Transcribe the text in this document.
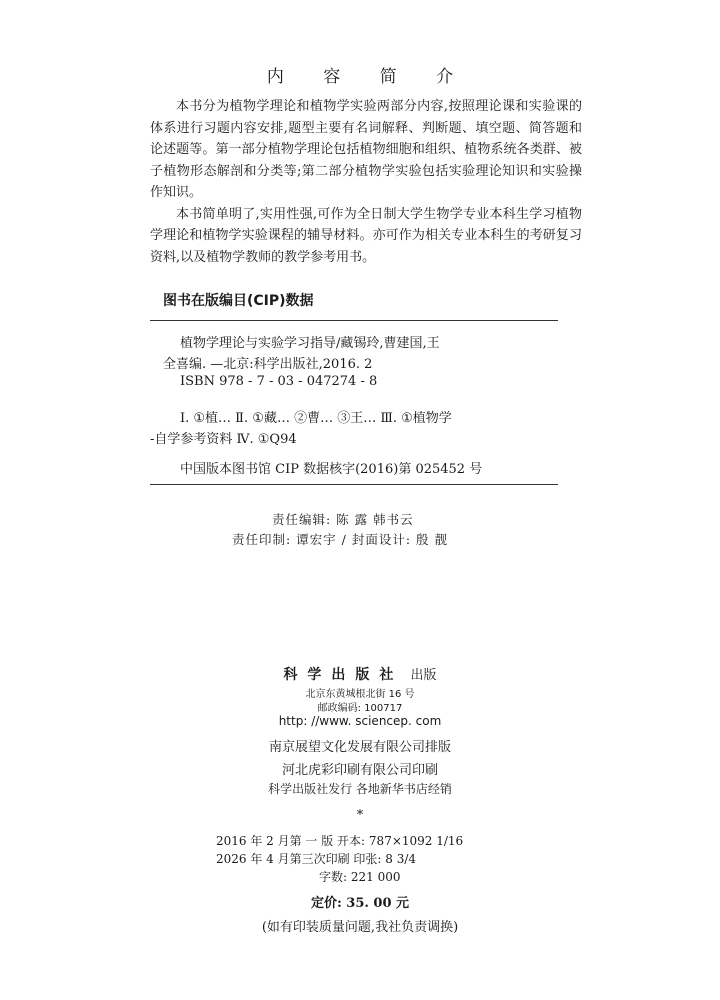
内 容 简 介

本书分为植物学理论和植物学实验两部分内容,按照理论课和实验课的体系进行习题内容安排,题型主要有名词解释、判断题、填空题、简答题和论述题等。第一部分植物学理论包括植物细胞和组织、植物系统各类群、被子植物形态解剖和分类等;第二部分植物学实验包括实验理论知识和实验操作知识。

本书简单明了,实用性强,可作为全日制大学生物学专业本科生学习植物学理论和植物学实验课程的辅导材料。亦可作为相关专业本科生的考研复习资料,以及植物学教师的教学参考用书。

图书在版编目(CIP)数据
植物学理论与实验学习指导/藏锡玲,曹建国,王
全喜编. —北京:科学出版社,2016. 2
ISBN 978 - 7 - 03 - 047274 - 8
Ⅰ. ①植… Ⅱ. ①藏… ②曹… ③王… Ⅲ. ①植物学
-自学参考资料 Ⅳ. ①Q94
中国版本图书馆 CIP 数据核字(2016)第 025452 号
责任编辑: 陈 露 韩书云
责任印制: 谭宏宇 / 封面设计: 殷 靓
科学出版社 出版
北京东黄城根北街 16 号
邮政编码: 100717
http: //www. sciencep. com
南京展望文化发展有限公司排版
河北虎彩印刷有限公司印刷
科学出版社发行 各地新华书店经销
*
2016 年 2 月第 一 版 开本: 787×1092 1/16
2026 年 4 月第三次印刷 印张: 8 3/4
字数: 221 000
定价: 35. 00 元
(如有印装质量问题,我社负责调换)
